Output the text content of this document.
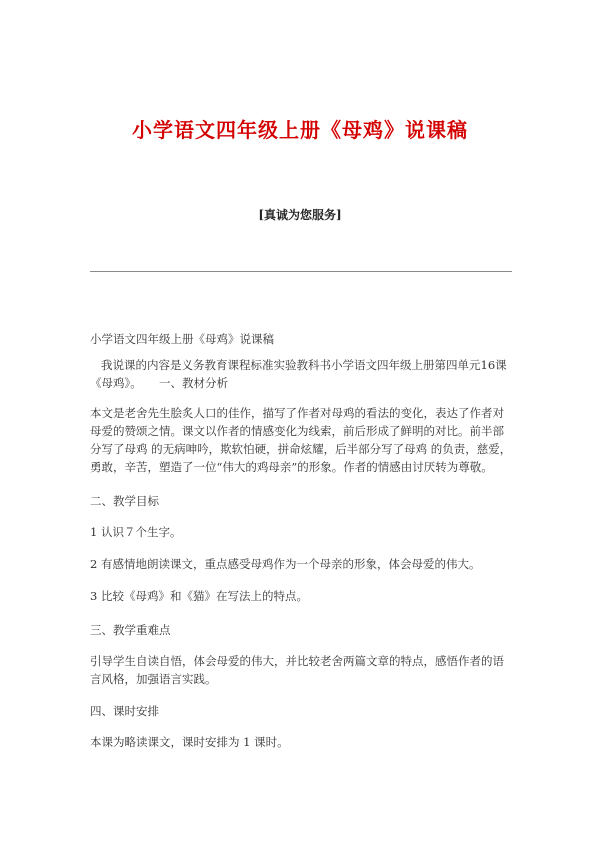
小学语文四年级上册《母鸡》说课稿
[真诚为您服务]

小学语文四年级上册《母鸡》说课稿

我说课的内容是义务教育课程标准实验教科书小学语文四年级上册第四单元16课《母鸡》。　　一、教材分析

本文是老舍先生脍炙人口的佳作，描写了作者对母鸡的看法的变化，表达了作者对母爱的赞颂之情。课文以作者的情感变化为线索，前后形成了鲜明的对比。前半部分写了母鸡 的无病呻吟，欺软怕硬，拼命炫耀，后半部分写了母鸡 的负责，慈爱，勇敢，辛苦，塑造了一位“伟大的鸡母亲”的形象。作者的情感由讨厌转为尊敬。

二、教学目标

1 认识７个生字。

2 有感情地朗读课文，重点感受母鸡作为一个母亲的形象，体会母爱的伟大。

3 比较《母鸡》和《猫》在写法上的特点。

三、教学重难点

引导学生自读自悟，体会母爱的伟大，并比较老舍两篇文章的特点，感悟作者的语言风格，加强语言实践。

四、课时安排

本课为略读课文，课时安排为 1 课时。
